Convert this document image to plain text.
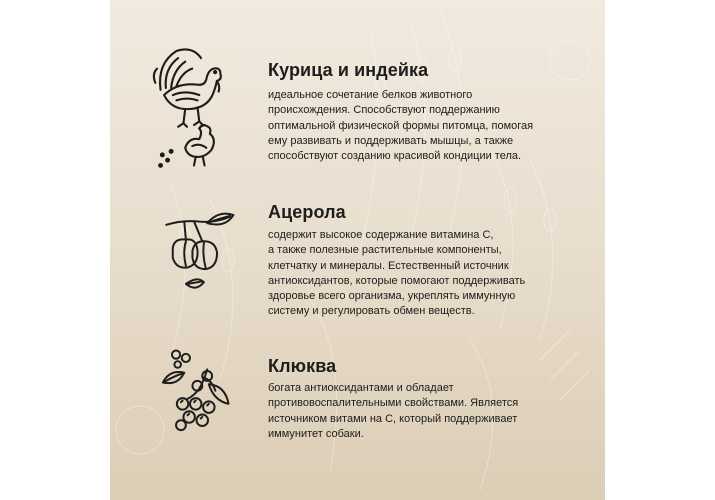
Курица и индейка
идеальное сочетание белков животного
происхождения. Способствуют поддержанию
оптимальной физической формы питомца, помогая
ему развивать и поддерживать мышцы, а также
способствуют созданию красивой кондиции тела.
Ацерола
содержит высокое содержание витамина С,
а также полезные растительные компоненты,
клетчатку и минералы. Естественный источник
антиоксидантов, которые помогают поддерживать
здоровье всего организма, укреплять иммунную
систему и регулировать обмен веществ.
Клюква
богата антиоксидантами и обладает
противовоспалительными свойствами. Является
источником витами на С, который поддерживает
иммунитет собаки.
